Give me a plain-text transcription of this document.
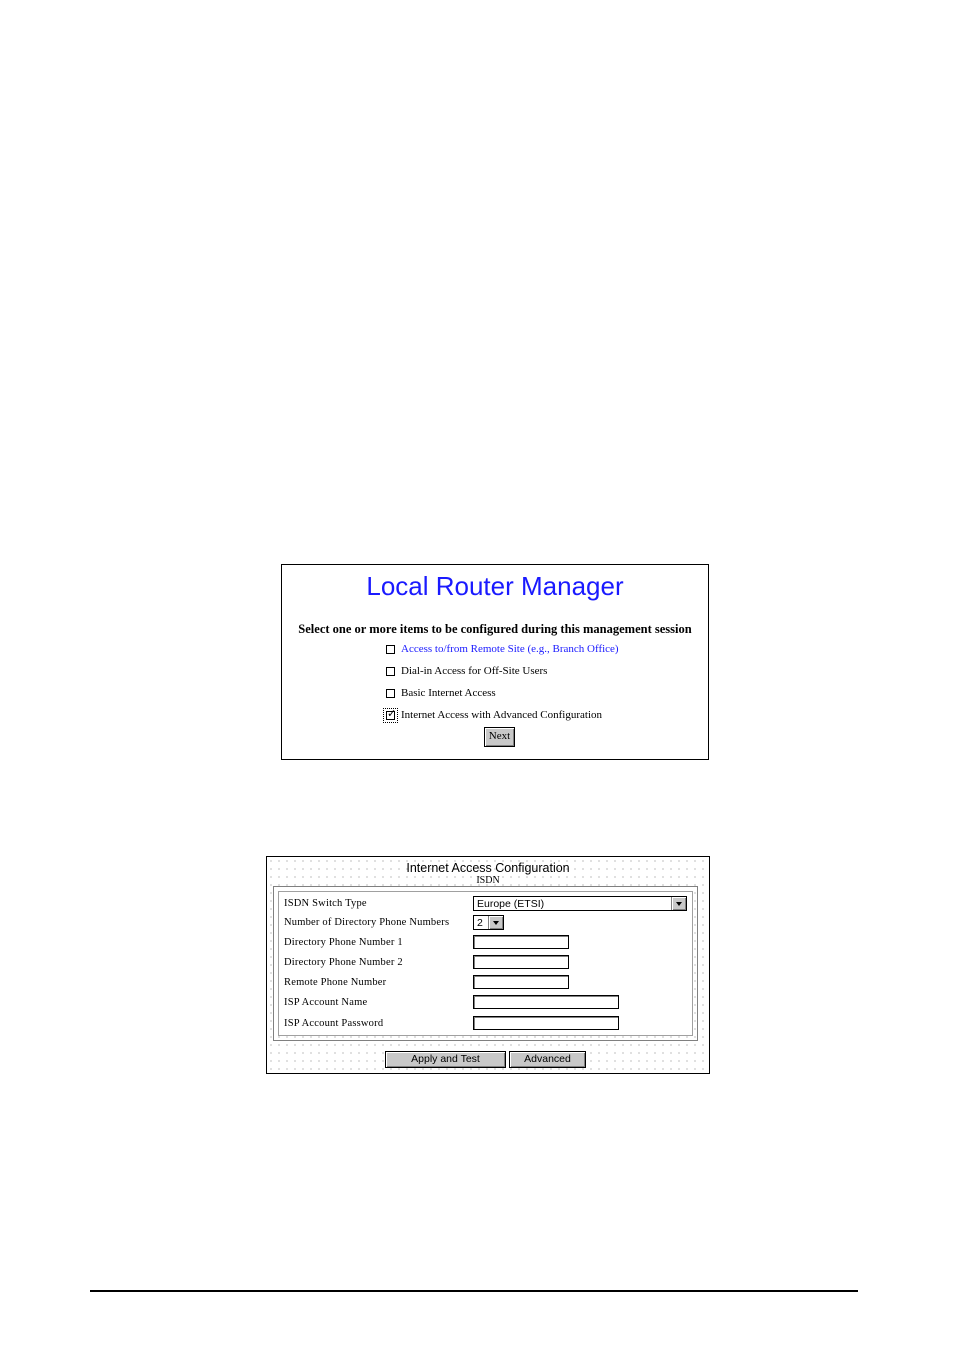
Local Router Manager
Select one or more items to be configured during this management session
Access to/from Remote Site (e.g., Branch Office)
Dial-in Access for Off-Site Users
Basic Internet Access
✓
Internet Access with Advanced Configuration
Next
Internet Access Configuration
ISDN
ISDN Switch Type	Europe (ETSI)
Number of Directory Phone Numbers	2
Directory Phone Number 1
Directory Phone Number 2
Remote Phone Number
ISP Account Name
ISP Account Password
Apply and Test	Advanced
